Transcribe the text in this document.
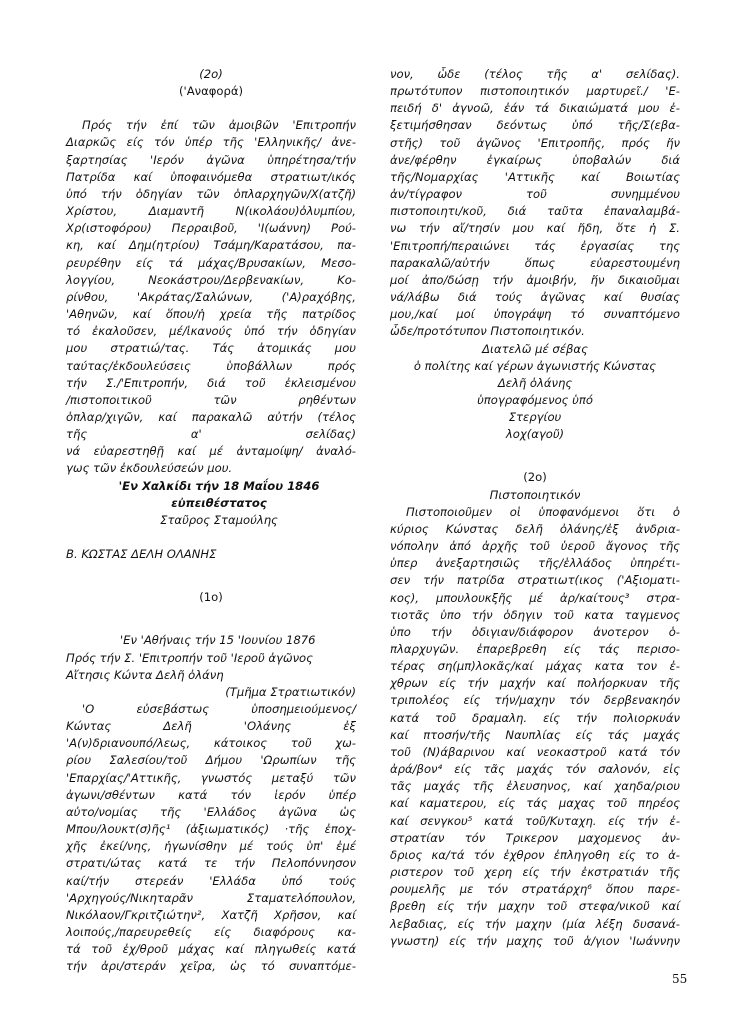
(2ο)
('Αναφορά)
Πρός τήν ἐπί τῶν ἀμοιβῶν 'Επιτροπήν
Διαρκῶς είς τόν ὑπέρ τῆς 'Ελληνικῆς/ ἀνε-
ξαρτησίας 'Ιερόν ἀγῶνα ὑπηρέτησα/τήν
Πατρίδα καί ὑποφαινόμεθα στρατιωτ/ικός
ὑπό τήν ὁδηγίαν τῶν ὁπλαρχηγῶν/Χ(ατζῆ)
Χρίστου, Διαμαντῆ Ν(ικολάου)ὀλυμπίου,
Χρ(ιστοφόρου) Περραιβοῦ, 'Ι(ωάννη) Ρού-
κη, καί Δημ(ητρίου) Τσάμη/Καρατάσου, πα-
ρευρέθην είς τά μάχας/Βρυσακίων, Μεσο-
λογγίου, Νεοκάστρου/Δερβενακίων, Κο-
ρίνθου, 'Ακράτας/Σαλώνων, ('Α)ραχόβης,
'Αθηνῶν, καί ὅπου/ἡ χρεία τῆς πατρίδος
τό ἐκαλοῦσεν, μέ/ἱκανούς ὑπό τήν ὁδηγίαν
μου στρατιώ/τας. Τάς ἀτομικάς μου
ταύτας/ἐκδουλεύσεις ὑποβάλλων πρός
τήν Σ./'Επιτροπήν, διά τοῦ ἐκλεισμένου
/πιστοποιτικοῦ τῶν ρηθέντων
ὁπλαρ/χιγῶν, καί παρακαλῶ αὐτήν (τέλος
τῆς α' σελίδας)
νά εὐαρεστηθῇ καί μέ ἀνταμοίψη/ ἀναλό-
γως τῶν ἐκδουλεύσεών μου.
'Εν Χαλκίδι τήν 18 Μαΐου 1846
εὐπειθέστατος
Σταῦρος Σταμούλης
Β. ΚΩΣΤΑΣ ΔΕΛΗ ΟΛΑΝΗΣ
(1ο)
'Εν 'Αθήναις τήν 15 'Ιουνίου 1876
Πρός τήν Σ. 'Επιτροπήν τοῦ 'Ιεροῦ ἀγῶνος
Αἴτησις Κώντα Δελῆ ὀλάνη
(Τμῆμα Στρατιωτικόν)
'Ο εὐσεβάστως ὑποσημειούμενος/
Κώντας Δελῆ 'Ολάνης ἐξ
'Α(ν)δριανουπό/λεως, κάτοικος τοῦ χω-
ρίου Σαλεσίου/τοῦ Δήμου 'Ωρωπίων τῆς
'Επαρχίας/'Αττικῆς, γνωστός μεταξύ τῶν
ἀγωνι/σθέντων κατά τόν ἱερόν ὑπέρ
αὐτο/νομίας τῆς 'Ελλάδος ἀγῶνα ὡς
Μπου/λουκτ(σ)ῆς¹ (ἀξιωματικός) ·τῆς ἐποχ-
χῆς ἐκεί/νης, ἠγωνίσθην μέ τούς ὑπ' ἐμέ
στρατι/ώτας κατά τε τήν Πελοπόννησον
καί/τήν στερεάν 'Ελλάδα ὑπό τούς
'Αρχηγούς/Νικηταρᾶν Σταματελόπουλον,
Νικόλαον/Γκριτζιώτην², Χατζῆ Χρῆσον, καί
λοιπούς,/παρευρεθείς είς διαφόρους κα-
τά τοῦ ἐχ/θροῦ μάχας καί πληγωθείς κατά
τήν ἀρι/στεράν χεῖρα, ὡς τό συναπτόμε-
νον, ὧδε (τέλος τῆς α' σελίδας).
πρωτότυπον πιστοποιητικόν μαρτυρεῖ./ 'Ε-
πειδή δ' ἀγνοῶ, ἐάν τά δικαιώματά μου ἐ-
ξετιμήσθησαν δεόντως ὑπό τῆς/Σ(εβα-
στῆς) τοῦ ἀγῶνος 'Επιτροπῆς, πρός ἥν
ἀνε/φέρθην ἐγκαίρως ὑποβαλών διά
τῆς/Νομαρχίας 'Αττικῆς καί Βοιωτίας
ἀν/τίγραφον τοῦ συνημμένου
πιστοποιητι/κοῦ, διά ταῦτα ἐπαναλαμβά-
νω τήν αἴ/τησίν μου καί ἤδη, ὅτε ἡ Σ.
'Επιτροπή/περαιώνει τάς ἐργασίας της
παρακαλῶ/αὐτήν ὅπως εὐαρεστουμένη
μοί ἀπο/δώσῃ τήν ἀμοιβήν, ἥν δικαιοῦμαι
νά/λάβω διά τούς ἀγῶνας καί θυσίας
μου,/καί μοί ὑπογράψη τό συναπτόμενο
ὧδε/προτότυπον Πιστοποιητικόν.
Διατελῶ μέ σέβας
ὁ πολίτης καί γέρων ἀγωνιστής Κώνστας
Δελῆ ὀλάνης
ὑπογραφόμενος ὑπό
Στεργίου
λοχ(αγοῦ)
(2ο)
Πιστοποιητικόν
Πιστοποιοῦμεν οἱ ὑποφανόμενοι ὅτι ὁ
κύριος Κώνστας δελῆ ὀλάνης/ἐξ ἀνδρια-
νόπολην ἀπό ἀρχῆς τοῦ ὑεροῦ ἄγονος τῆς
ὑπερ ἀνεξαρτησιῶς τῆς/ἑλλάδος ὑπηρέτι-
σεν τήν πατρίδα στρατιωτ(ικος ('Αξιοματι-
κος), μπουλουκξῆς μέ ἀρ/καίτους³ στρα-
τιοτᾶς ὑπο τήν ὁδηγιν τοῦ κατα ταγμενος
ὑπο τήν ὁδιγιαν/διάφορον ἀνοτερον ὁ-
πλαρχυγῶν. ἐπαρεβρεθη είς τάς περισο-
τέρας ση(μπ)λοκᾶς/καί μάχας κατα τον ἐ-
χθρων είς τήν μαχήν καί πολήορκυαν τῆς
τριπολέος είς τήν/μαχην τόν δερβενακηόν
κατά τοῦ δραμαλη. είς τήν πολιορκυάν
καί πτοσήν/τῆς Ναυπλίας είς τάς μαχάς
τοῦ (Ν)άβαρινου καί νεοκαστροῦ κατά τόν
ἀρά/βον⁴ είς τᾶς μαχάς τόν σαλονόν, εἰς
τᾶς μαχάς τῆς ἐλευσηνος, καί χαηδα/ριου
καί καματερου, είς τάς μαχας τοῦ πηρέος
καί σενγκου⁵ κατά τοῦ/Κυταχη. είς τήν ἐ-
στρατίαν τόν Τρικερον μαχομενος ἀν-
δριος κα/τά τόν ἐχθρον ἐπληγοθη είς το ἀ-
ριστερον τοῦ χερη είς τήν ἐκστρατιάν τῆς
ρουμελῆς με τόν στρατάρχη⁶ ὅπου παρε-
βρεθη είς τήν μαχην τοῦ στεφα/νικοῦ καί
λεβαδιας, είς τήν μαχην (μία λέξη δυσανά-
γνωστη) είς τήν μαχης τοῦ ἁ/γιον 'Ιωάννην
55
